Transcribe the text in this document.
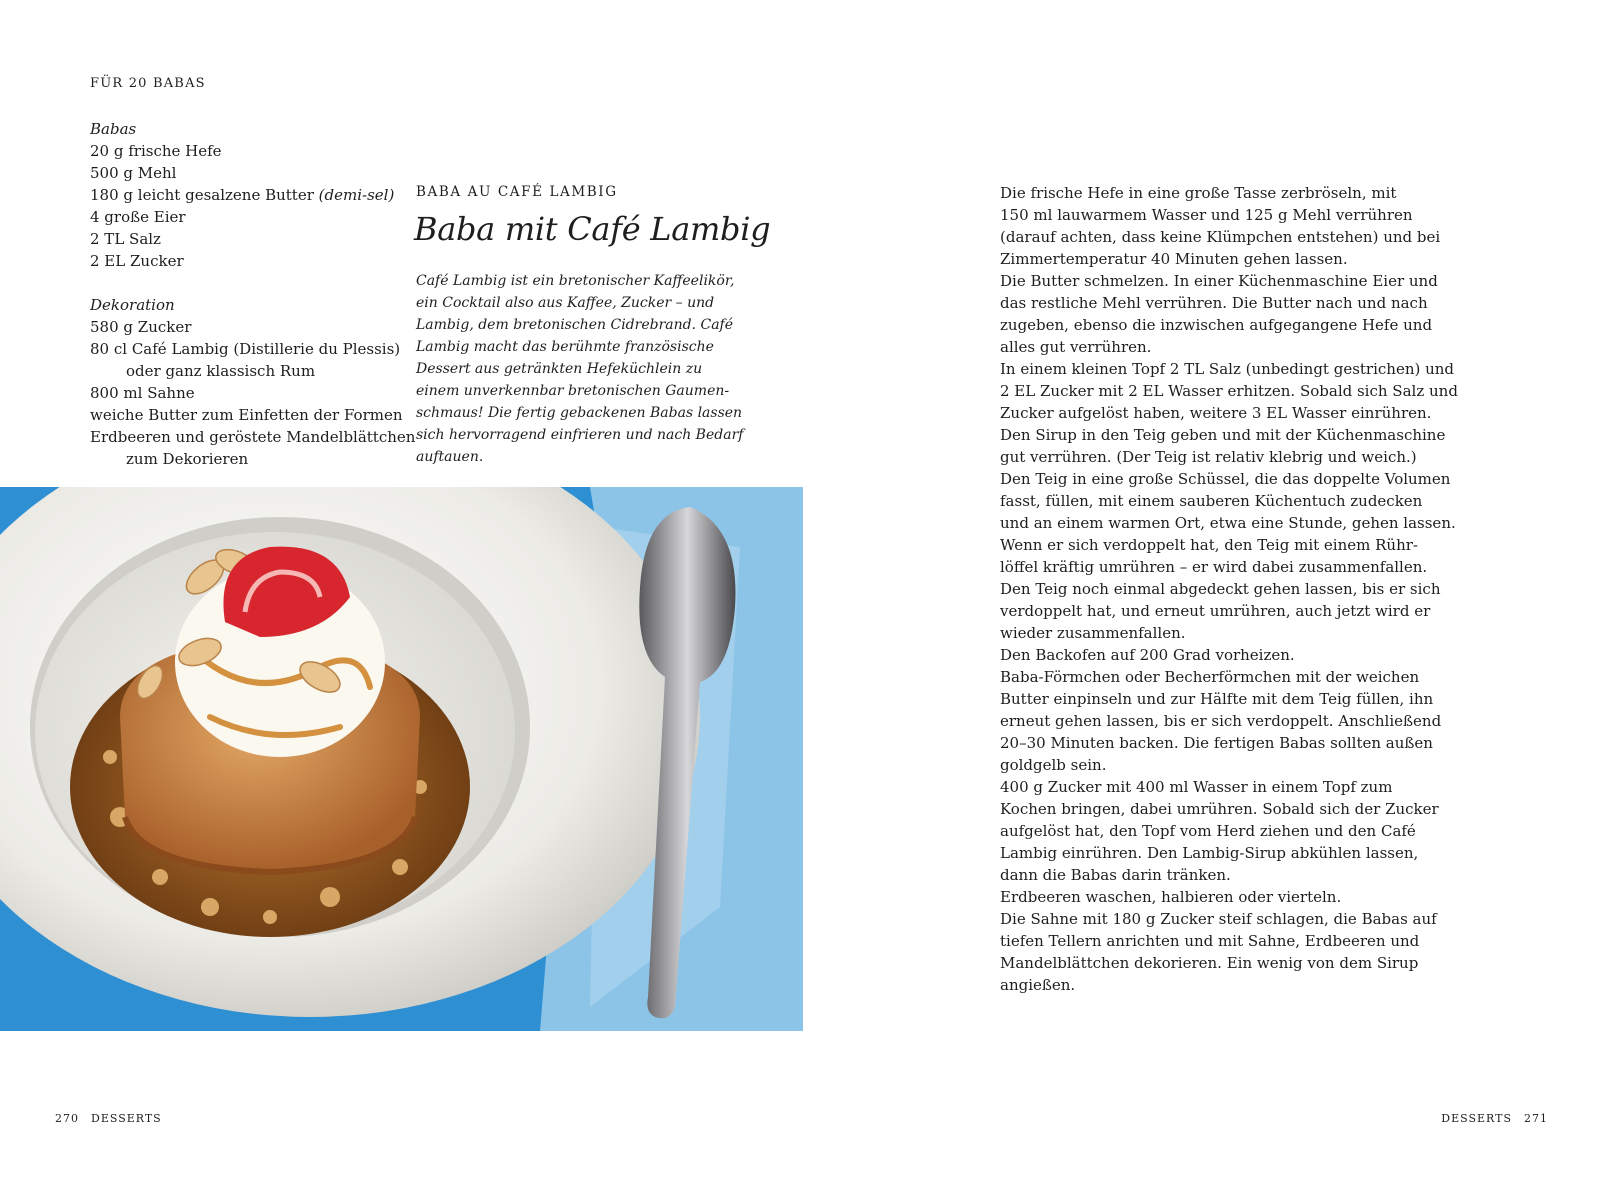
FÜR 20 BABAS
Babas
20 g frische Hefe
500 g Mehl
180 g leicht gesalzene Butter (demi-sel)
4 große Eier
2 TL Salz
2 EL Zucker
Dekoration
580 g Zucker
80 cl Café Lambig (Distillerie du Plessis)
oder ganz klassisch Rum
800 ml Sahne
weiche Butter zum Einfetten der Formen
Erdbeeren und geröstete Mandelblättchen
zum Dekorieren
BABA AU CAFÉ LAMBIG
Baba mit Café Lambig
Café Lambig ist ein bretonischer Kaffeelikör,
ein Cocktail also aus Kaffee, Zucker – und
Lambig, dem bretonischen Cidrebrand. Café
Lambig macht das berühmte französische
Dessert aus getränkten Hefeküchlein zu
einem unverkennbar bretonischen Gaumen-
schmaus! Die fertig gebackenen Babas lassen
sich hervorragend einfrieren und nach Bedarf
auftauen.
Die frische Hefe in eine große Tasse zerbröseln, mit
150 ml lauwarmem Wasser und 125 g Mehl verrühren
(darauf achten, dass keine Klümpchen entstehen) und bei
Zimmertemperatur 40 Minuten gehen lassen.
Die Butter schmelzen. In einer Küchenmaschine Eier und
das restliche Mehl verrühren. Die Butter nach und nach
zugeben, ebenso die inzwischen aufgegangene Hefe und
alles gut verrühren.
In einem kleinen Topf 2 TL Salz (unbedingt gestrichen) und
2 EL Zucker mit 2 EL Wasser erhitzen. Sobald sich Salz und
Zucker aufgelöst haben, weitere 3 EL Wasser einrühren.
Den Sirup in den Teig geben und mit der Küchenmaschine
gut verrühren. (Der Teig ist relativ klebrig und weich.)
Den Teig in eine große Schüssel, die das doppelte Volumen
fasst, füllen, mit einem sauberen Küchentuch zudecken
und an einem warmen Ort, etwa eine Stunde, gehen lassen.
Wenn er sich verdoppelt hat, den Teig mit einem Rühr-
löffel kräftig umrühren – er wird dabei zusammenfallen.
Den Teig noch einmal abgedeckt gehen lassen, bis er sich
verdoppelt hat, und erneut umrühren, auch jetzt wird er
wieder zusammenfallen.
Den Backofen auf 200 Grad vorheizen.
Baba-Förmchen oder Becherförmchen mit der weichen
Butter einpinseln und zur Hälfte mit dem Teig füllen, ihn
erneut gehen lassen, bis er sich verdoppelt. Anschließend
20–30 Minuten backen. Die fertigen Babas sollten außen
goldgelb sein.
400 g Zucker mit 400 ml Wasser in einem Topf zum
Kochen bringen, dabei umrühren. Sobald sich der Zucker
aufgelöst hat, den Topf vom Herd ziehen und den Café
Lambig einrühren. Den Lambig-Sirup abkühlen lassen,
dann die Babas darin tränken.
Erdbeeren waschen, halbieren oder vierteln.
Die Sahne mit 180 g Zucker steif schlagen, die Babas auf
tiefen Tellern anrichten und mit Sahne, Erdbeeren und
Mandelblättchen dekorieren. Ein wenig von dem Sirup
angießen.
270 DESSERTS	DESSERTS 271
